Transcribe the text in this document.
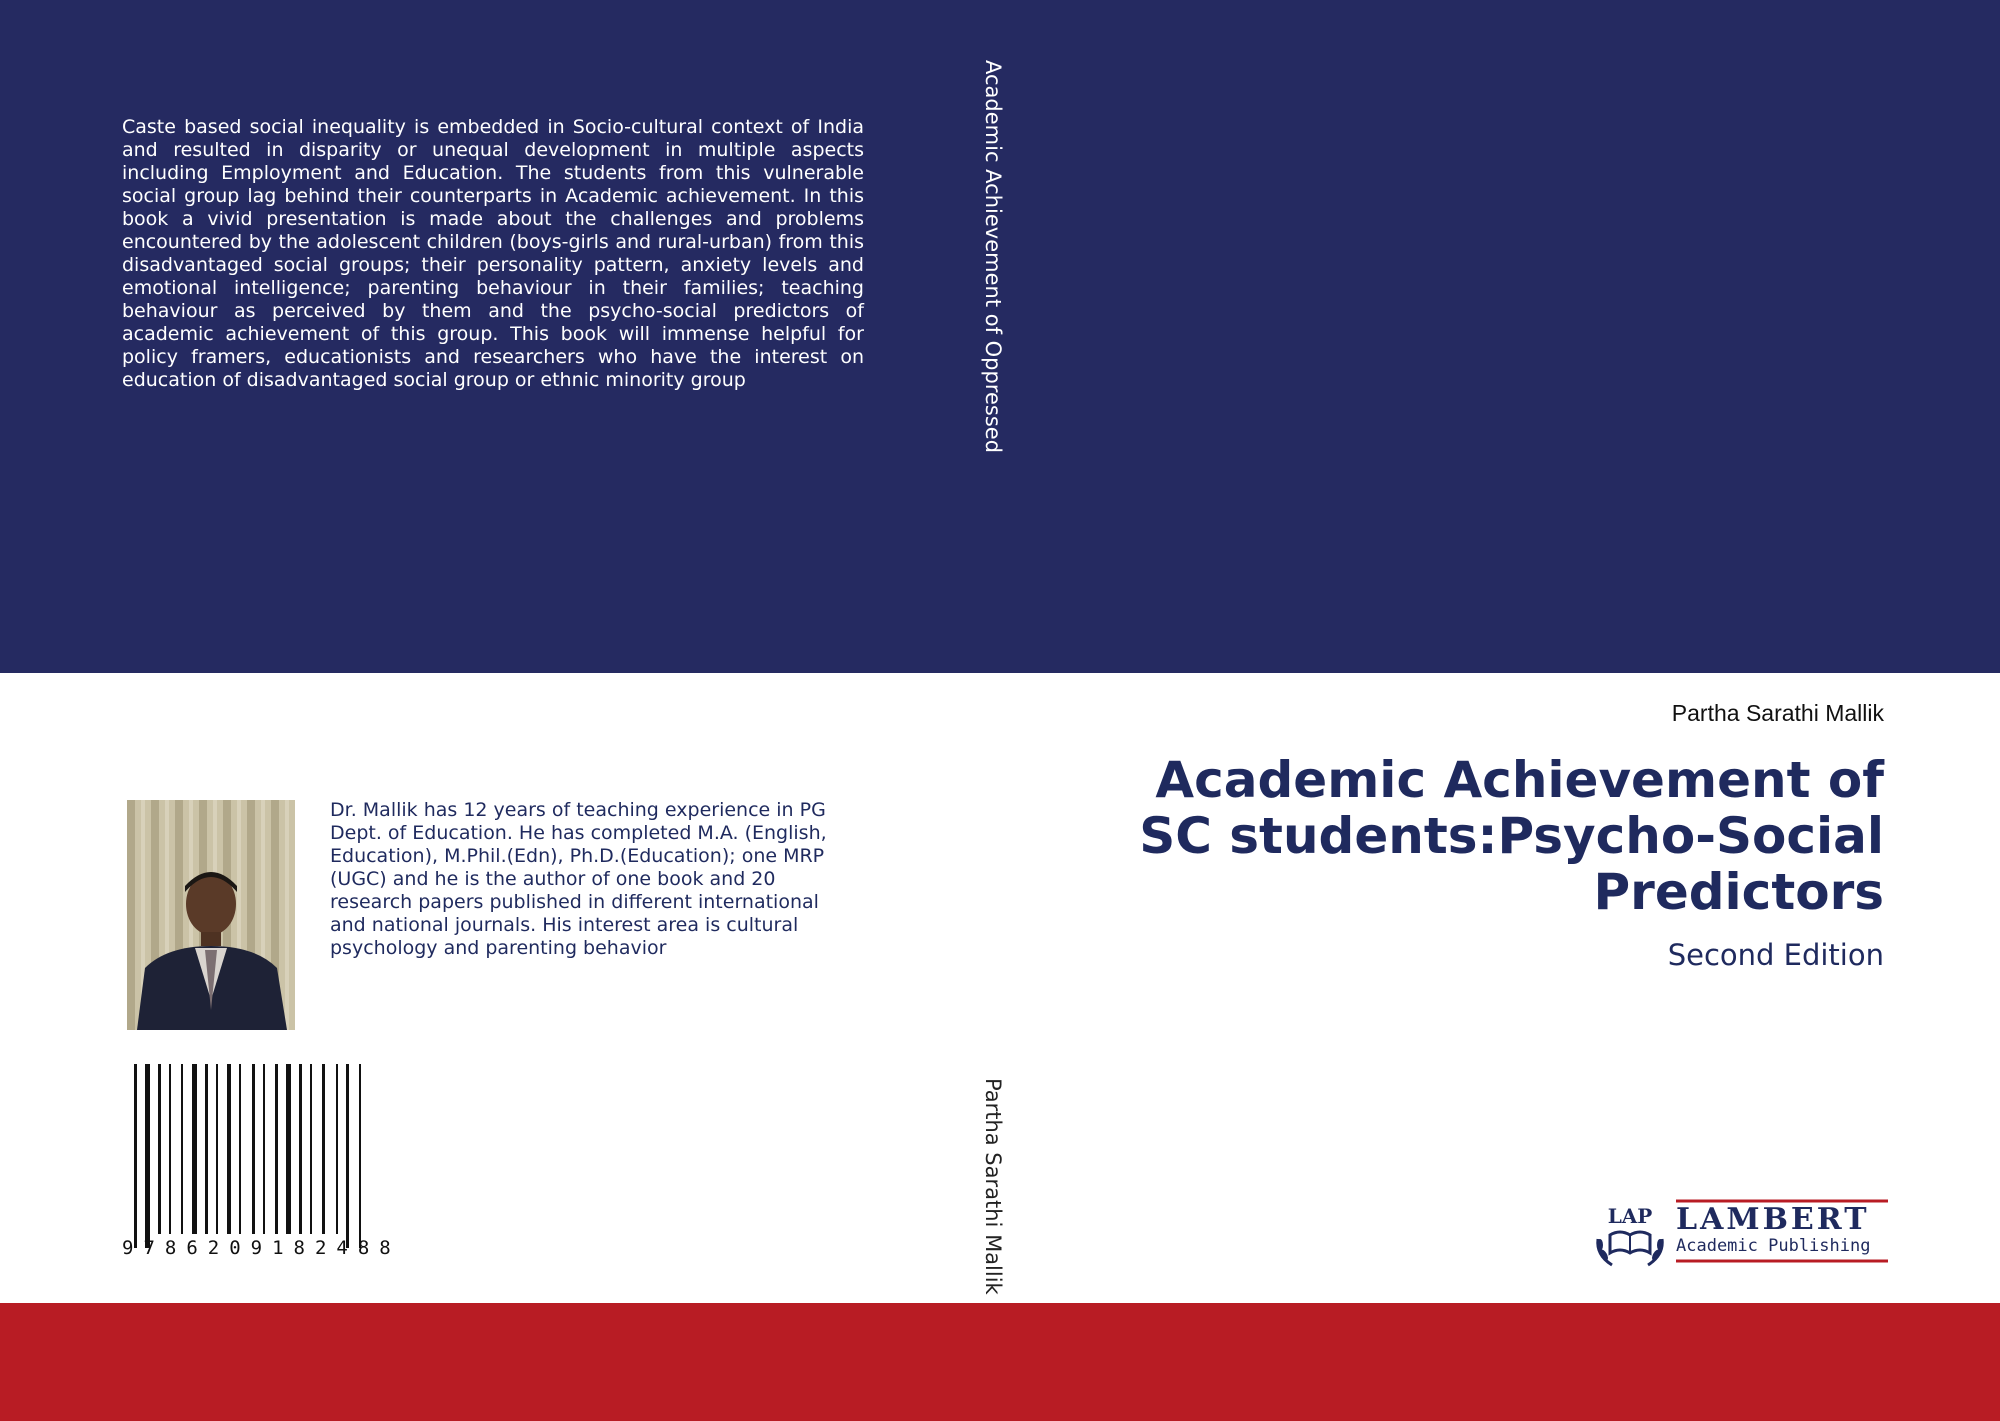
Caste based social inequality is embedded in Socio-cultural context of India and resulted in disparity or unequal development in multiple aspects including Employment and Education. The students from this vulnerable social group lag behind their counterparts in Academic achievement. In this book a vivid presentation is made about the challenges and problems encountered by the adolescent children (boys-girls and rural-urban) from this disadvantaged social groups; their personality pattern, anxiety levels and emotional intelligence; parenting behaviour in their families; teaching behaviour as perceived by them and the psycho-social predictors of academic achievement of this group. This book will immense helpful for policy framers, educationists and researchers who have the interest on education of disadvantaged social group or ethnic minority group	Academic Achievement of Oppressed
Partha Sarathi Mallik

Dr. Mallik has 12 years of teaching experience in PG Dept. of Education. He has completed M.A. (English, Education), M.Phil.(Edn), Ph.D.(Education); one MRP (UGC) and he is the author of one book and 20 research papers published in different international and national journals. His interest area is cultural psychology and parenting behavior

9786209182488
Partha Sarathi Mallik
Academic Achievement of SC students:Psycho-Social Predictors
Second Edition
LAP LAMBERT
Academic Publishing
